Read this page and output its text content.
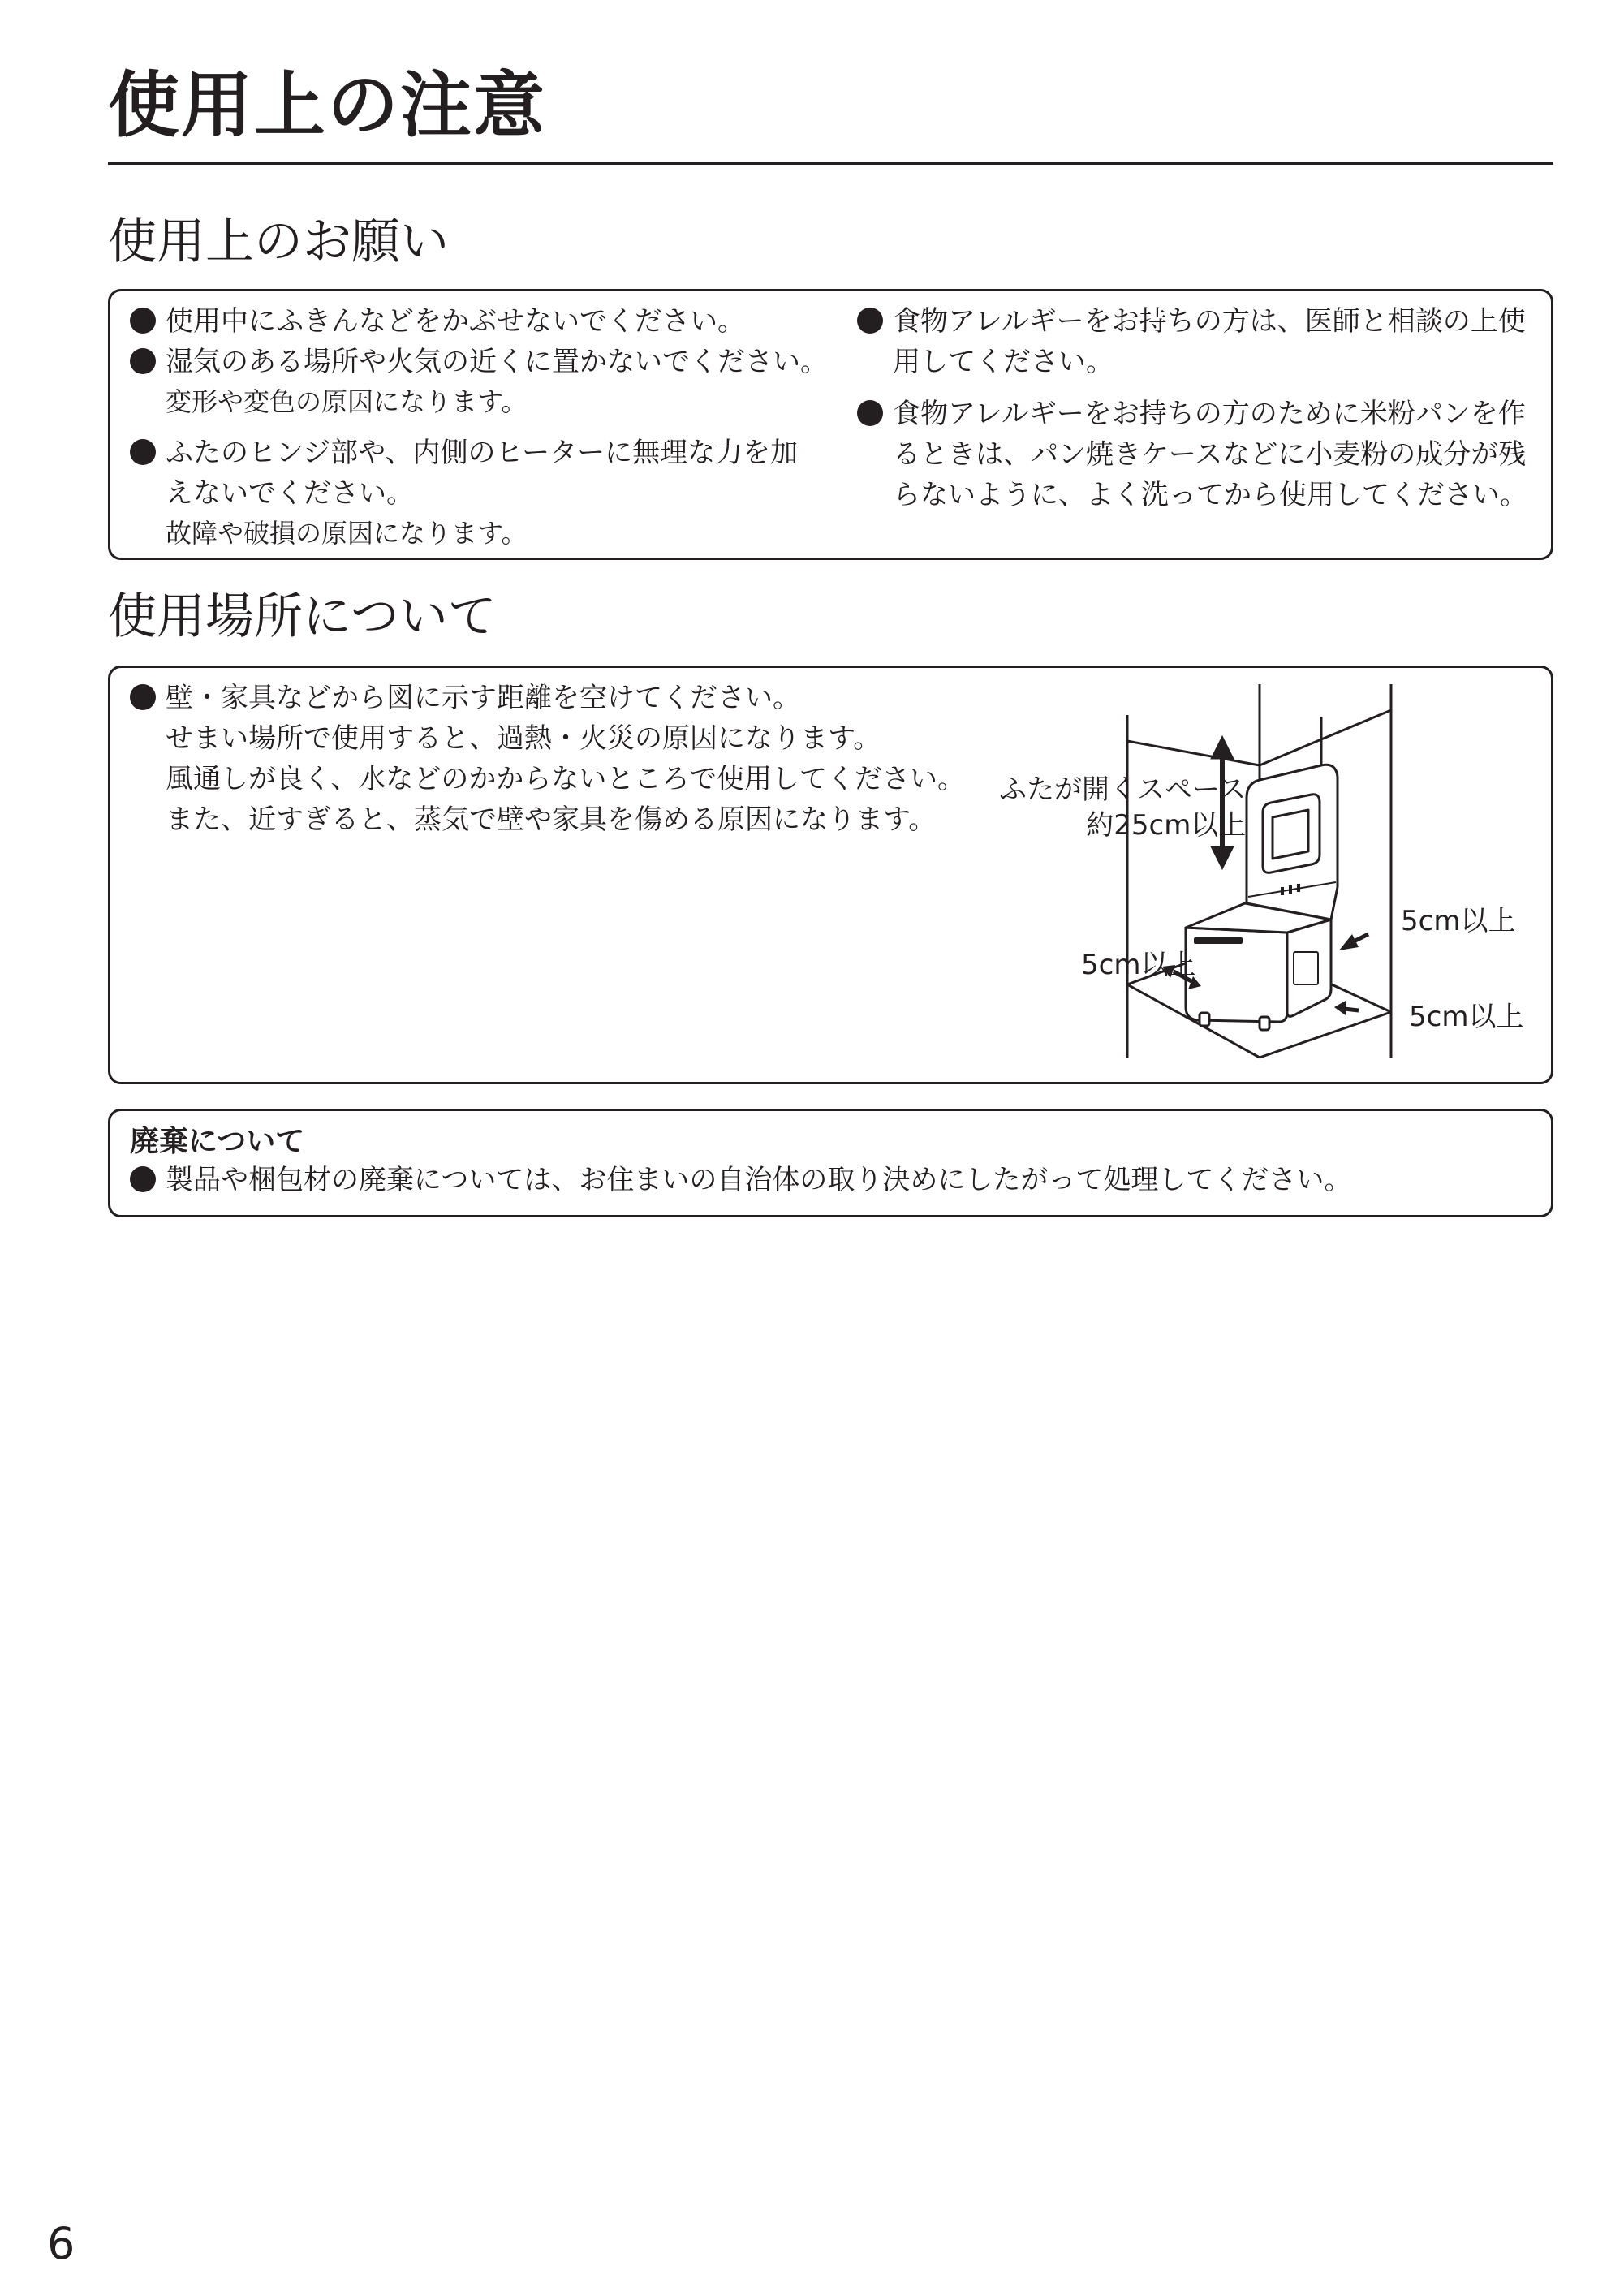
使用上の注意
使用上のお願い

使用中にふきんなどをかぶせないでください。

湿気のある場所や火気の近くに置かないでください。

変形や変色の原因になります。

ふたのヒンジ部や、内側のヒーターに無理な力を加

えないでください。

故障や破損の原因になります。

食物アレルギーをお持ちの方は、医師と相談の上使

用してください。

食物アレルギーをお持ちの方のために米粉パンを作

るときは、パン焼きケースなどに小麦粉の成分が残

らないように、よく洗ってから使用してください。

使用場所について

壁・家具などから図に示す距離を空けてください。

せまい場所で使用すると、過熱・火災の原因になります。

風通しが良く、水などのかからないところで使用してください。

また、近すぎると、蒸気で壁や家具を傷める原因になります。

ふたが開くスペース
約25cm以上
5cm以上
5cm以上
5cm以上

廃棄について

製品や梱包材の廃棄については、お住まいの自治体の取り決めにしたがって処理してください。

6
